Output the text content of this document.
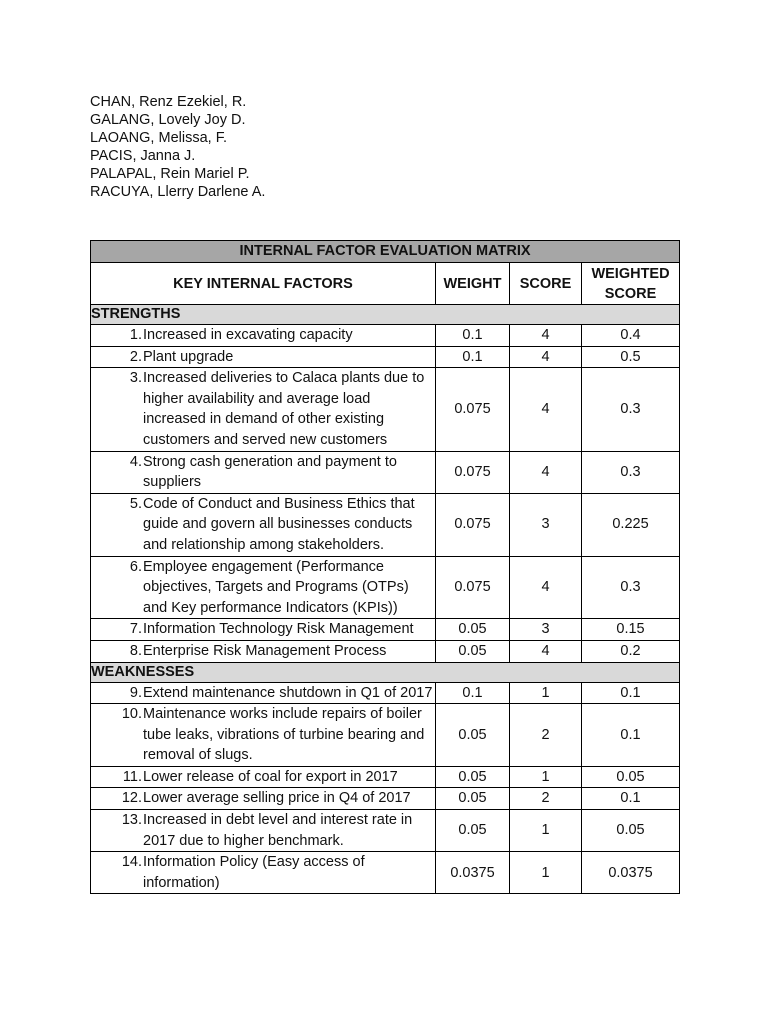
CHAN, Renz Ezekiel, R.
GALANG, Lovely Joy D.
LAOANG, Melissa, F.
PACIS, Janna J.
PALAPAL, Rein Mariel P.
RACUYA, Llerry Darlene A.
INTERNAL FACTOR EVALUATION MATRIX			
KEY INTERNAL FACTORS	WEIGHT	SCORE	WEIGHTED SCORE
STRENGTHS			

1. Increased in excavating capacity	0.1	4	0.4

2. Plant upgrade	0.1	4	0.5

3. Increased deliveries to Calaca plants due to higher availability and average load increased in demand of other existing customers and served new customers	0.075	4	0.3

4. Strong cash generation and payment to suppliers	0.075	4	0.3

5. Code of Conduct and Business Ethics that guide and govern all businesses conducts and relationship among stakeholders.	0.075	3	0.225

6. Employee engagement (Performance objectives, Targets and Programs (OTPs) and Key performance Indicators (KPIs))	0.075	4	0.3

7. Information Technology Risk Management	0.05	3	0.15

8. Enterprise Risk Management Process	0.05	4	0.2
WEAKNESSES			

9. Extend maintenance shutdown in Q1 of 2017	0.1	1	0.1

10. Maintenance works include repairs of boiler tube leaks, vibrations of turbine bearing and removal of slugs.	0.05	2	0.1

11. Lower release of coal for export in 2017	0.05	1	0.05

12. Lower average selling price in Q4 of 2017	0.05	2	0.1

13. Increased in debt level and interest rate in 2017 due to higher benchmark.	0.05	1	0.05

14. Information Policy (Easy access of information)	0.0375	1	0.0375
